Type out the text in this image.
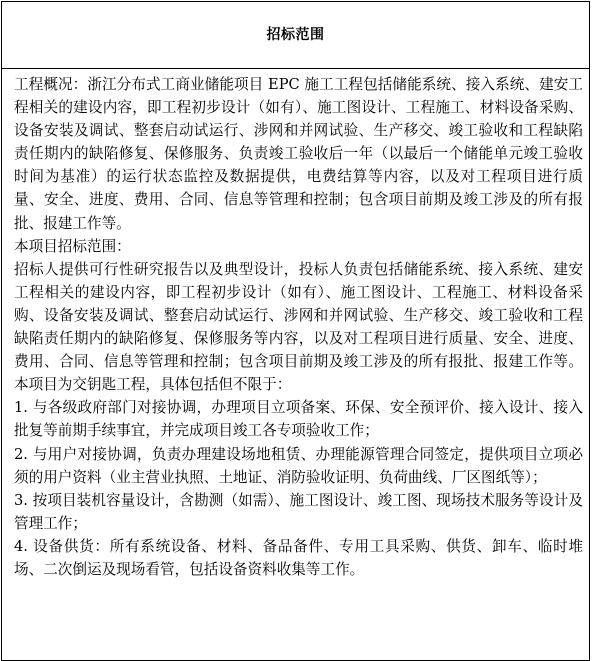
招标范围

工程概况：浙江分布式工商业储能项目 EPC 施工工程包括储能系统、接入系统、建安工程相关的建设内容，即工程初步设计（如有）、施工图设计、工程施工、材料设备采购、设备安装及调试、整套启动试运行、涉网和并网试验、生产移交、竣工验收和工程缺陷责任期内的缺陷修复、保修服务、负责竣工验收后一年（以最后一个储能单元竣工验收时间为基准）的运行状态监控及数据提供，电费结算等内容，以及对工程项目进行质量、安全、进度、费用、合同、信息等管理和控制；包含项目前期及竣工涉及的所有报批、报建工作等。

本项目招标范围：

招标人提供可行性研究报告以及典型设计，投标人负责包括储能系统、接入系统、建安工程相关的建设内容，即工程初步设计（如有）、施工图设计、工程施工、材料设备采购、设备安装及调试、整套启动试运行、涉网和并网试验、生产移交、竣工验收和工程缺陷责任期内的缺陷修复、保修服务等内容，以及对工程项目进行质量、安全、进度、费用、合同、信息等管理和控制；包含项目前期及竣工涉及的所有报批、报建工作等。本项目为交钥匙工程，具体包括但不限于：

1. 与各级政府部门对接协调，办理项目立项备案、环保、安全预评价、接入设计、接入批复等前期手续事宜，并完成项目竣工各专项验收工作；

2. 与用户对接协调，负责办理建设场地租赁、办理能源管理合同签定，提供项目立项必须的用户资料（业主营业执照、土地证、消防验收证明、负荷曲线、厂区图纸等）；

3. 按项目装机容量设计，含勘测（如需）、施工图设计、竣工图、现场技术服务等设计及管理工作；

4. 设备供货：所有系统设备、材料、备品备件、专用工具采购、供货、卸车、临时堆场、二次倒运及现场看管，包括设备资料收集等工作。
